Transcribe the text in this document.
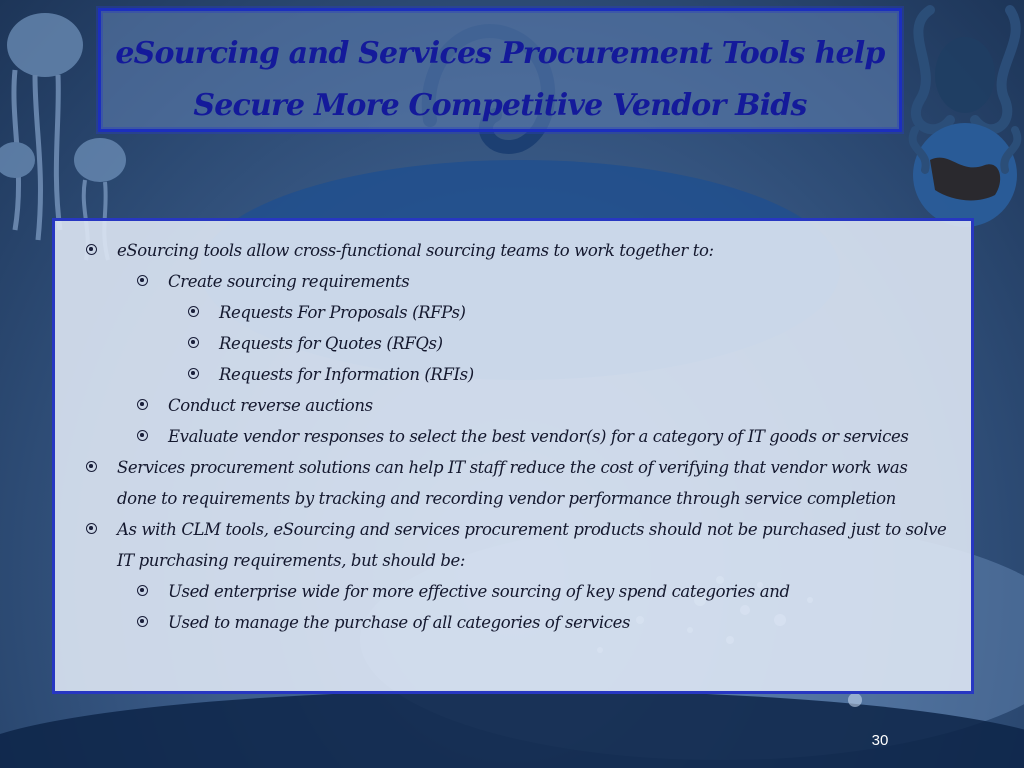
eSourcing and Services Procurement Tools help Secure More Competitive Vendor Bids
eSourcing tools allow cross-functional sourcing teams to work together to:
Create sourcing requirements
Requests For Proposals (RFPs)
Requests for Quotes (RFQs)
Requests for Information (RFIs)
Conduct reverse auctions
Evaluate vendor responses to select the best vendor(s) for a category of IT goods or services
Services procurement solutions can help IT staff reduce the cost of verifying that vendor work was done to requirements by tracking and recording vendor performance through service completion
As with CLM tools, eSourcing and services procurement products should not be purchased just to solve IT purchasing requirements, but should be:
Used enterprise wide for more effective sourcing of key spend categories and
Used to manage the purchase of all categories of services
30
